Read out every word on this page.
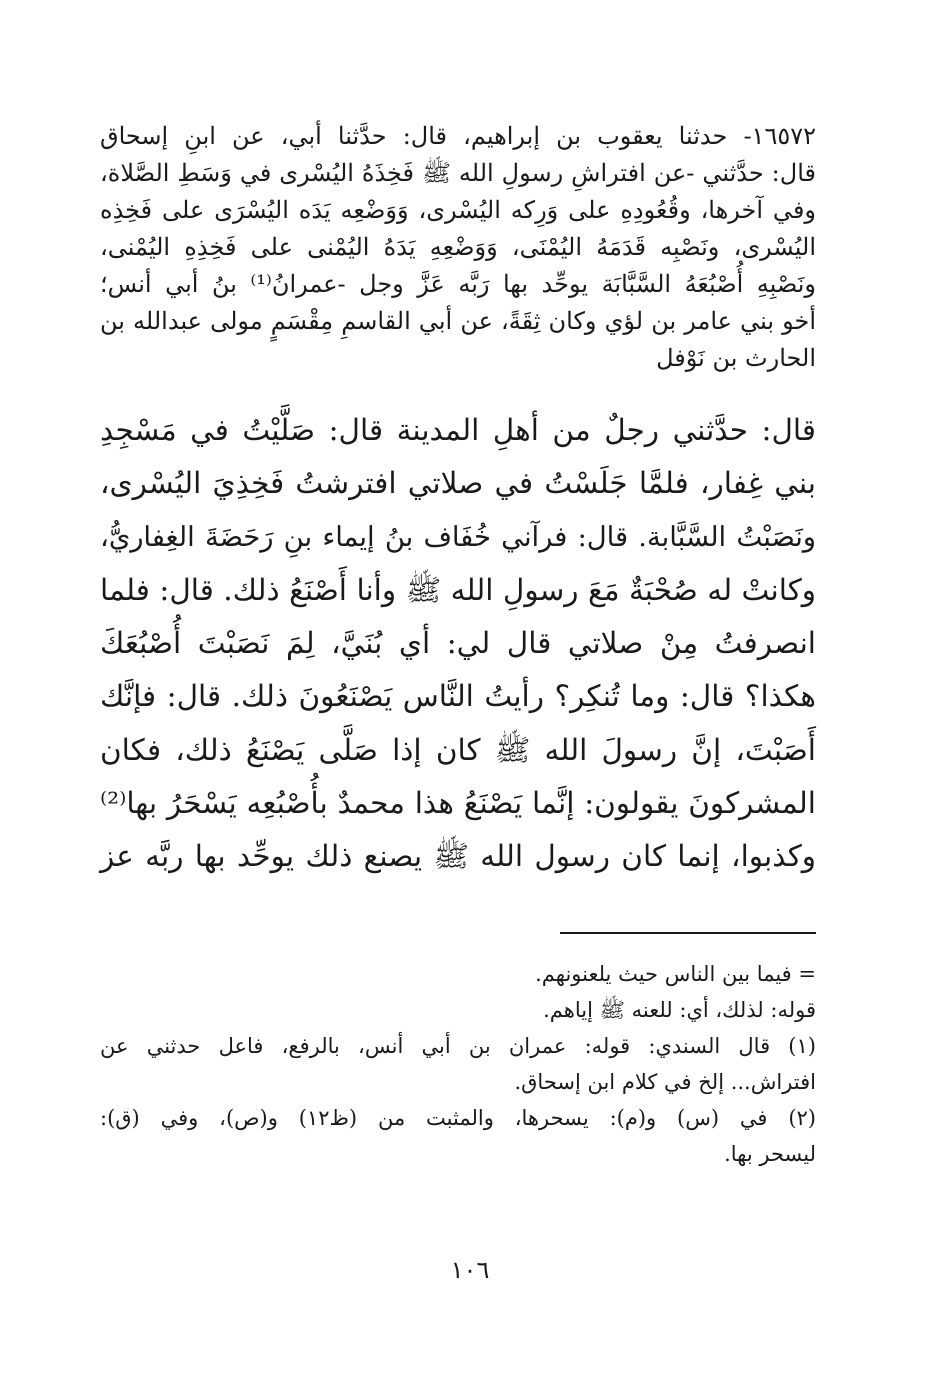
١٦٥٧٢- حدثنا يعقوب بن إبراهيم، قال: حدَّثنا أبي، عن ابنِ إسحاق
قال: حدَّثني -عن افتراشِ رسولِ الله ﷺ فَخِذَهُ اليُسْرى في وَسَطِ الصَّلاة،
وفي آخرها، وقُعُودِهِ على وَرِكه اليُسْرى، وَوَضْعِه يَدَه اليُسْرَى على فَخِذِه
اليُسْرى، ونَصْبِه قَدَمَهُ اليُمْنَى، وَوَضْعِهِ يَدَهُ اليُمْنى على فَخِذِهِ اليُمْنى،
ونَصْبِهِ أُصْبُعَهُ السَّبَّابَة يوحِّد بها رَبَّه عَزَّ وجل -عمرانُ⁽¹⁾ بنُ أبي أنس؛
أخو بني عامر بن لؤي وكان ثِقَةً، عن أبي القاسمِ مِقْسَمٍ مولى عبدالله بن
الحارث بن نَوْفل
قال: حدَّثني رجلٌ من أهلِ المدينة قال: صَلَّيْتُ في مَسْجِدِ
بني غِفار، فلمَّا جَلَسْتُ في صلاتي افترشتُ فَخِذِيَ اليُسْرى،
ونَصَبْتُ السَّبَّابة. قال: فرآني خُفَاف بنُ إيماء بنِ رَحَضَةَ الغِفاريُّ،
وكانتْ له صُحْبَةٌ مَعَ رسولِ الله ﷺ وأنا أَصْنَعُ ذلك. قال: فلما
انصرفتُ مِنْ صلاتي قال لي: أي بُنَيَّ، لِمَ نَصَبْتَ أُصْبُعَكَ
هكذا؟ قال: وما تُنكِر؟ رأيتُ النَّاس يَصْنَعُونَ ذلك. قال: فإنَّك
أَصَبْتَ، إنَّ رسولَ الله ﷺ كان إذا صَلَّى يَصْنَعُ ذلك، فكان
المشركونَ يقولون: إنَّما يَصْنَعُ هذا محمدٌ بأُصْبُعِه يَسْحَرُ بها⁽²⁾
وكذبوا، إنما كان رسول الله ﷺ يصنع ذلك يوحِّد بها ربَّه عز
= فيما بين الناس حيث يلعنونهم.
قوله: لذلك، أي: للعنه ﷺ إياهم.
(١) قال السندي: قوله: عمران بن أبي أنس، بالرفع، فاعل حدثني عن
افتراش... إلخ في كلام ابن إسحاق.
(٢) في (س) و(م): يسحرها، والمثبت من (ظ١٢) و(ص)، وفي (ق):
ليسحر بها.
١٠٦
